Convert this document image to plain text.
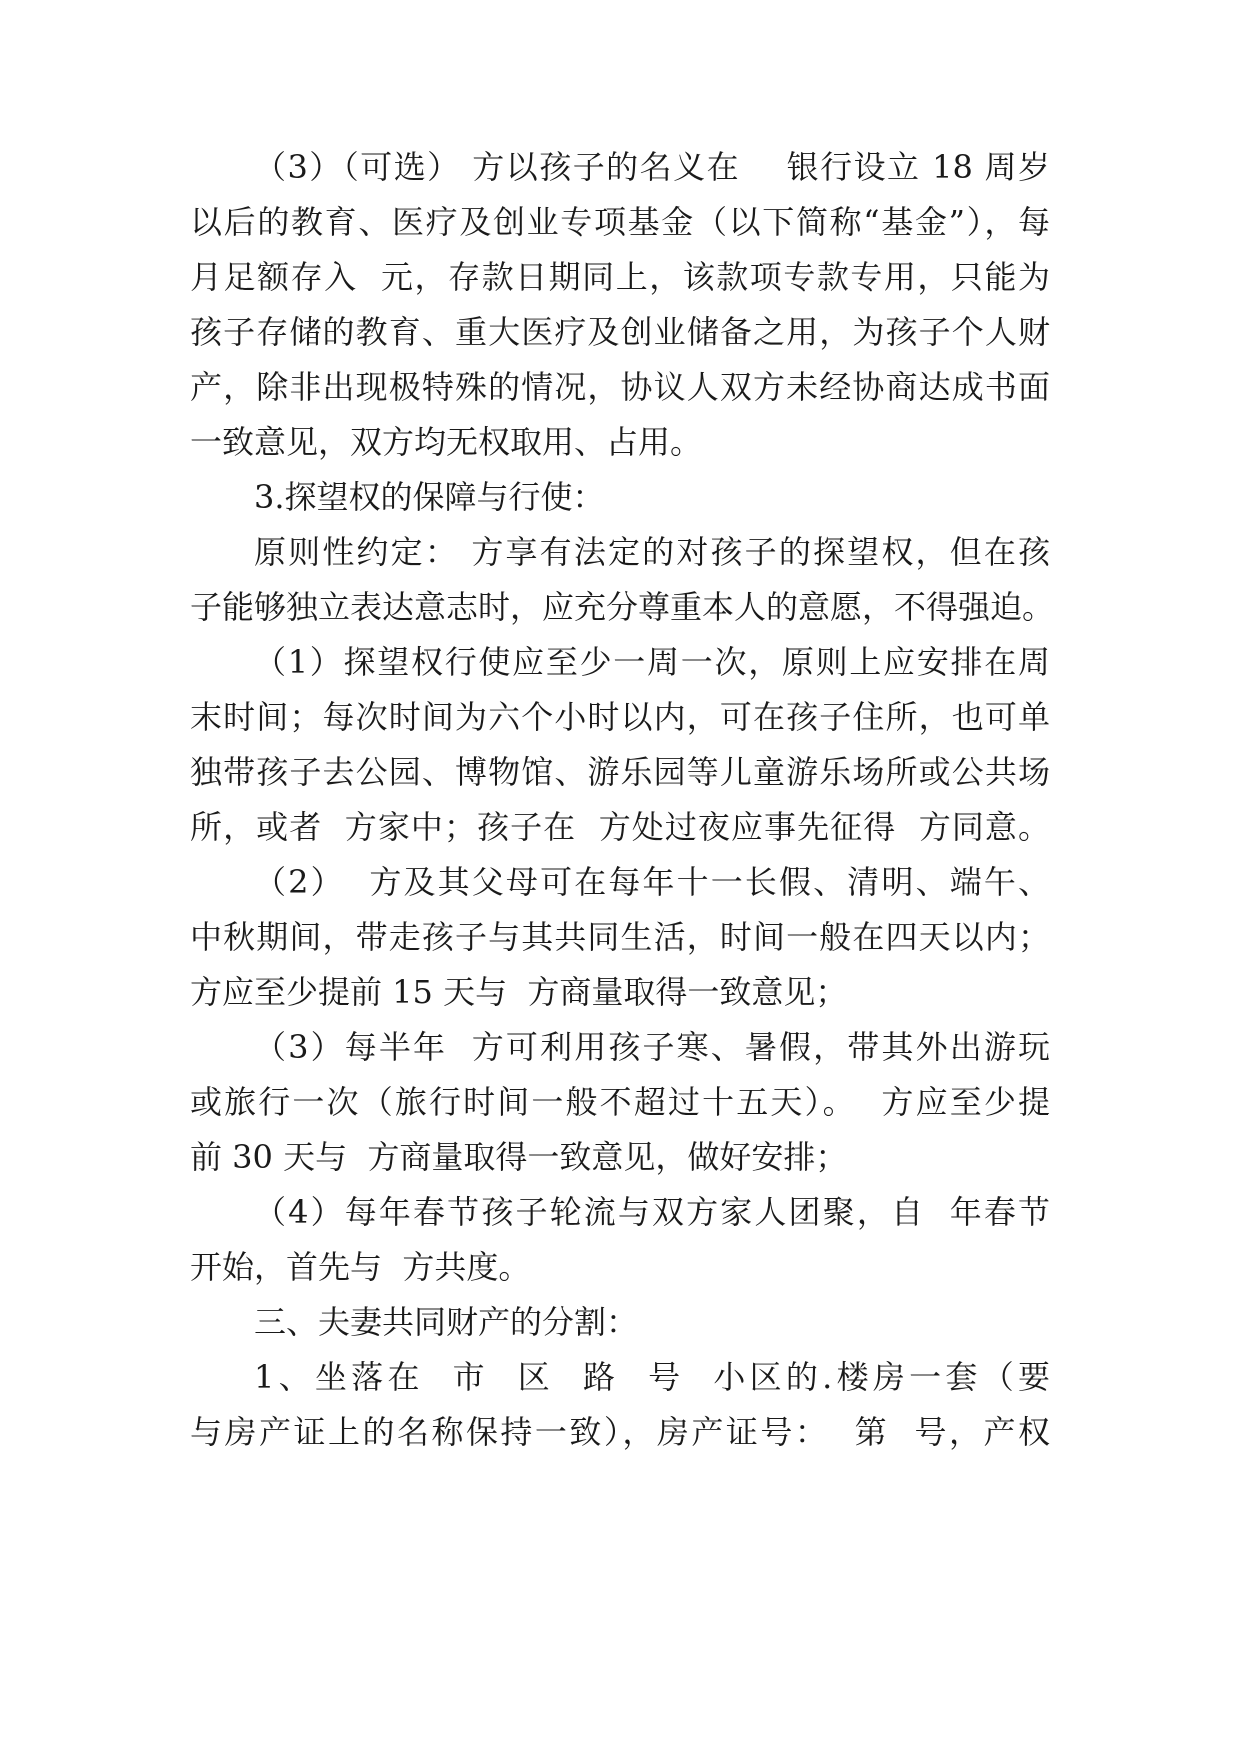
（3）（可选） 方以孩子的名义在    银行设立 18 周岁
以后的教育、医疗及创业专项基金（以下简称“基金”），每
月足额存入  元，存款日期同上，该款项专款专用，只能为
孩子存储的教育、重大医疗及创业储备之用，为孩子个人财
产，除非出现极特殊的情况，协议人双方未经协商达成书面
一致意见，双方均无权取用、占用。
3.探望权的保障与行使：
原则性约定： 方享有法定的对孩子的探望权，但在孩
子能够独立表达意志时，应充分尊重本人的意愿，不得强迫。
（1）探望权行使应至少一周一次，原则上应安排在周
末时间；每次时间为六个小时以内，可在孩子住所，也可单
独带孩子去公园、博物馆、游乐园等儿童游乐场所或公共场
所，或者  方家中；孩子在  方处过夜应事先征得  方同意。
（2）  方及其父母可在每年十一长假、清明、端午、
中秋期间，带走孩子与其共同生活，时间一般在四天以内；
方应至少提前 15 天与  方商量取得一致意见；
（3）每半年  方可利用孩子寒、暑假，带其外出游玩
或旅行一次（旅行时间一般不超过十五天）。  方应至少提
前 30 天与  方商量取得一致意见，做好安排；
（4）每年春节孩子轮流与双方家人团聚，自  年春节
开始，首先与  方共度。
三、夫妻共同财产的分割：
1、坐落在  市  区  路  号  小区的.楼房一套（要
与房产证上的名称保持一致），房产证号：  第  号，产权
